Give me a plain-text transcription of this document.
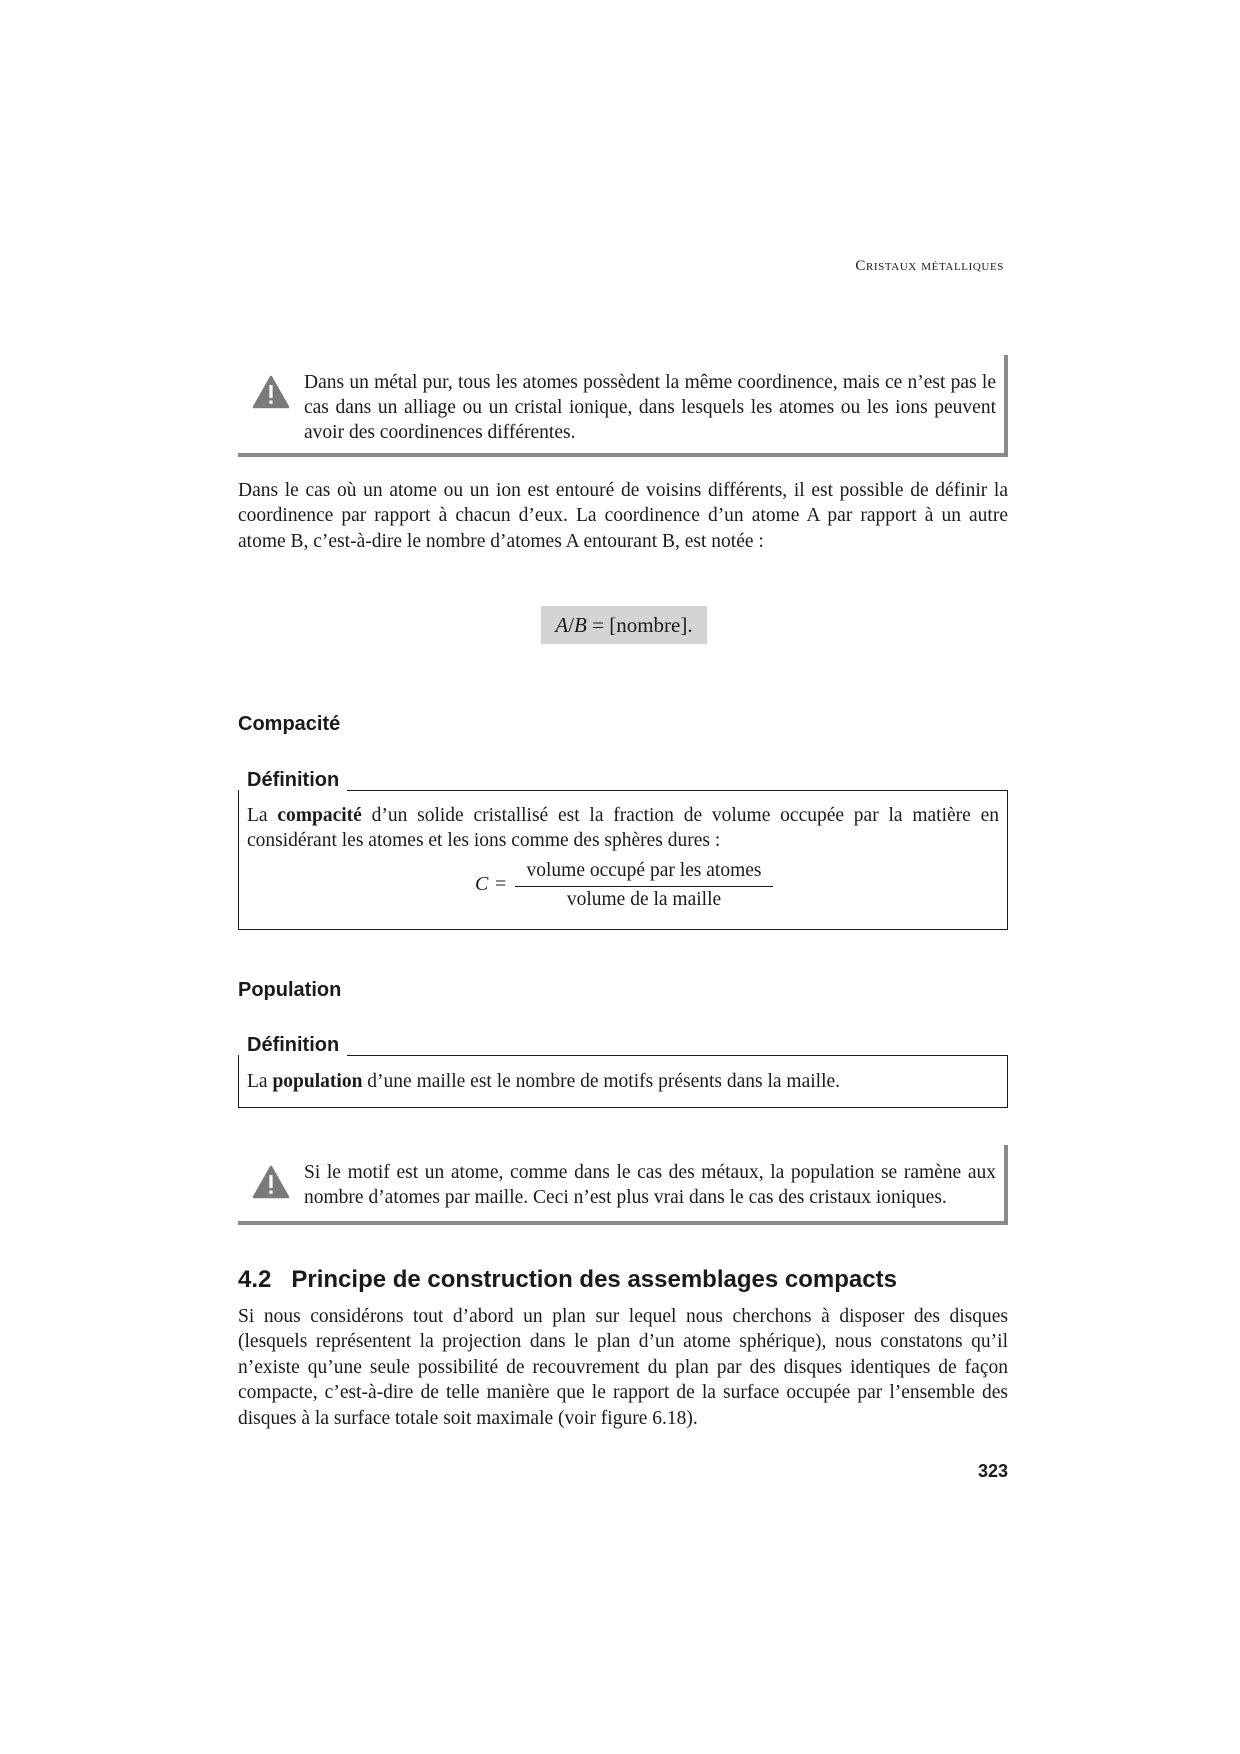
Cristaux métalliques

Dans un métal pur, tous les atomes possèdent la même coordinence, mais ce n’est pas le cas dans un alliage ou un cristal ionique, dans lesquels les atomes ou les ions peuvent avoir des coordinences différentes.

Dans le cas où un atome ou un ion est entouré de voisins différents, il est possible de définir la coordinence par rapport à chacun d’eux. La coordinence d’un atome A par rapport à un autre atome B, c’est-à-dire le nombre d’atomes A entourant B, est notée :

A/B = [nombre].
Compacité
Définition

La compacité d’un solide cristallisé est la fraction de volume occupée par la matière en considérant les atomes et les ions comme des sphères dures :

C =
volume occupé par les atomes
volume de la maille
Population
Définition

La population d’une maille est le nombre de motifs présents dans la maille.

Si le motif est un atome, comme dans le cas des métaux, la population se ramène aux nombre d’atomes par maille. Ceci n’est plus vrai dans le cas des cristaux ioniques.

4.2 Principe de construction des assemblages compacts

Si nous considérons tout d’abord un plan sur lequel nous cherchons à disposer des disques (lesquels représentent la projection dans le plan d’un atome sphérique), nous constatons qu’il n’existe qu’une seule possibilité de recouvrement du plan par des disques identiques de façon compacte, c’est-à-dire de telle manière que le rapport de la surface occupée par l’ensemble des disques à la surface totale soit maximale (voir figure 6.18).

323
